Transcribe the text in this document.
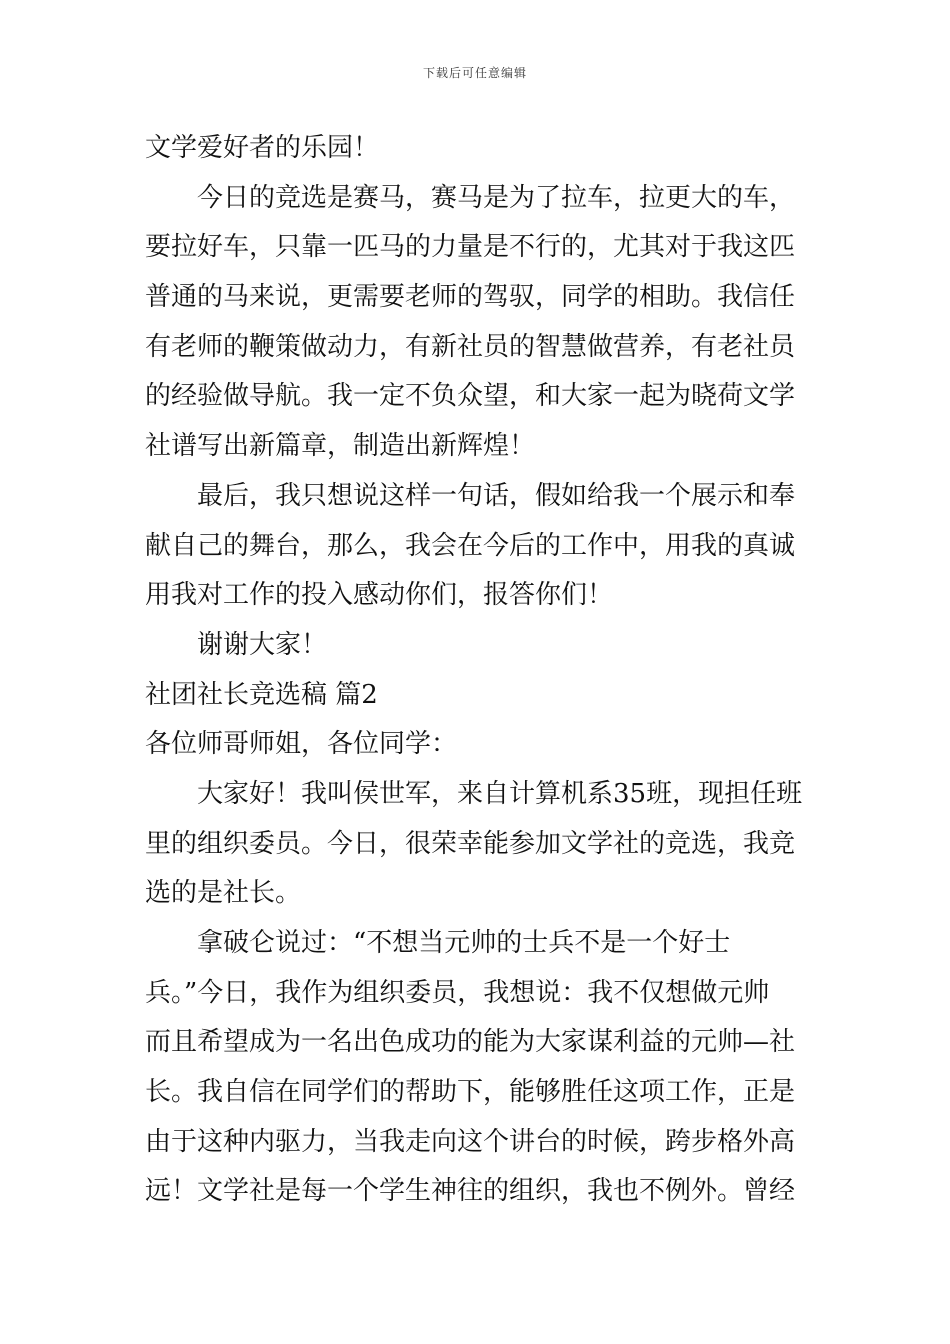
下载后可任意编辑
文学爱好者的乐园！
今日的竞选是赛马，赛马是为了拉车，拉更大的车，
要拉好车，只靠一匹马的力量是不行的，尤其对于我这匹
普通的马来说，更需要老师的驾驭，同学的相助。我信任
有老师的鞭策做动力，有新社员的智慧做营养，有老社员
的经验做导航。我一定不负众望，和大家一起为晓荷文学
社谱写出新篇章，制造出新辉煌！
最后，我只想说这样一句话，假如给我一个展示和奉
献自己的舞台，那么，我会在今后的工作中，用我的真诚
用我对工作的投入感动你们，报答你们！
谢谢大家！
社团社长竞选稿 篇2
各位师哥师姐，各位同学：
大家好！我叫侯世军，来自计算机系35班，现担任班
里的组织委员。今日，很荣幸能参加文学社的竞选，我竞
选的是社长。
拿破仑说过：“不想当元帅的士兵不是一个好士
兵。”今日，我作为组织委员，我想说：我不仅想做元帅
而且希望成为一名出色成功的能为大家谋利益的元帅—社
长。我自信在同学们的帮助下，能够胜任这项工作，正是
由于这种内驱力，当我走向这个讲台的时候，跨步格外高
远！文学社是每一个学生神往的组织，我也不例外。曾经
